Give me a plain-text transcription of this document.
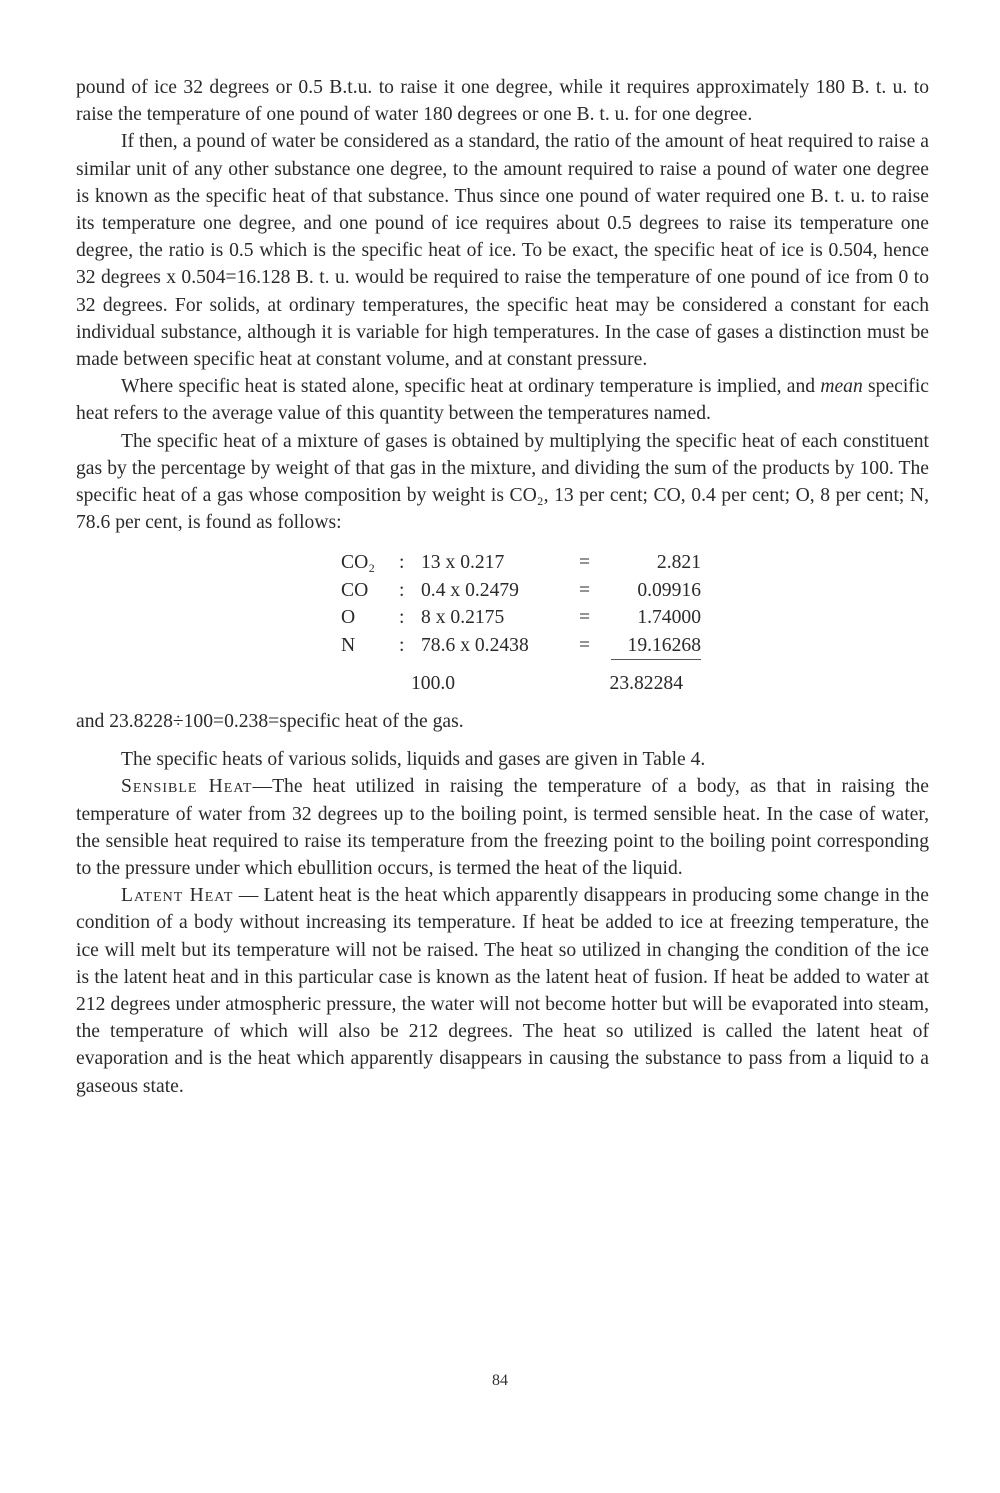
pound of ice 32 degrees or 0.5 B.t.u. to raise it one degree, while it requires approximately 180 B. t. u. to raise the temperature of one pound of water 180 degrees or one B. t. u. for one degree.

If then, a pound of water be considered as a standard, the ratio of the amount of heat required to raise a similar unit of any other substance one degree, to the amount required to raise a pound of water one degree is known as the specific heat of that substance. Thus since one pound of water required one B. t. u. to raise its temperature one degree, and one pound of ice requires about 0.5 degrees to raise its temperature one degree, the ratio is 0.5 which is the specific heat of ice. To be exact, the specific heat of ice is 0.504, hence 32 degrees x 0.504=16.128 B. t. u. would be required to raise the temperature of one pound of ice from 0 to 32 degrees. For solids, at ordinary temperatures, the specific heat may be considered a constant for each individual substance, although it is variable for high temperatures. In the case of gases a distinction must be made between specific heat at constant volume, and at constant pressure.

Where specific heat is stated alone, specific heat at ordinary temperature is implied, and mean specific heat refers to the average value of this quantity between the temperatures named.

The specific heat of a mixture of gases is obtained by multiplying the specific heat of each constituent gas by the percentage by weight of that gas in the mixture, and dividing the sum of the products by 100. The specific heat of a gas whose composition by weight is CO₂, 13 per cent; CO, 0.4 per cent; O, 8 per cent; N, 78.6 per cent, is found as follows:

CO₂	: 13 x 0.217	=	2.821
CO	: 0.4 x 0.2479	=	0.09916
O	: 8 x 0.2175	=	1.74000
N	: 78.6 x 0.2438	=	19.16268
100.0	23.82284

and 23.8228÷100=0.238=specific heat of the gas.

The specific heats of various solids, liquids and gases are given in Table 4.

Sensible Heat—The heat utilized in raising the temperature of a body, as that in raising the temperature of water from 32 degrees up to the boiling point, is termed sensible heat. In the case of water, the sensible heat required to raise its temperature from the freezing point to the boiling point corresponding to the pressure under which ebullition occurs, is termed the heat of the liquid.

Latent Heat — Latent heat is the heat which apparently disappears in producing some change in the condition of a body without increasing its temperature. If heat be added to ice at freezing temperature, the ice will melt but its temperature will not be raised. The heat so utilized in changing the condition of the ice is the latent heat and in this particular case is known as the latent heat of fusion. If heat be added to water at 212 degrees under atmospheric pressure, the water will not become hotter but will be evaporated into steam, the temperature of which will also be 212 degrees. The heat so utilized is called the latent heat of evaporation and is the heat which apparently disappears in causing the substance to pass from a liquid to a gaseous state.

84
